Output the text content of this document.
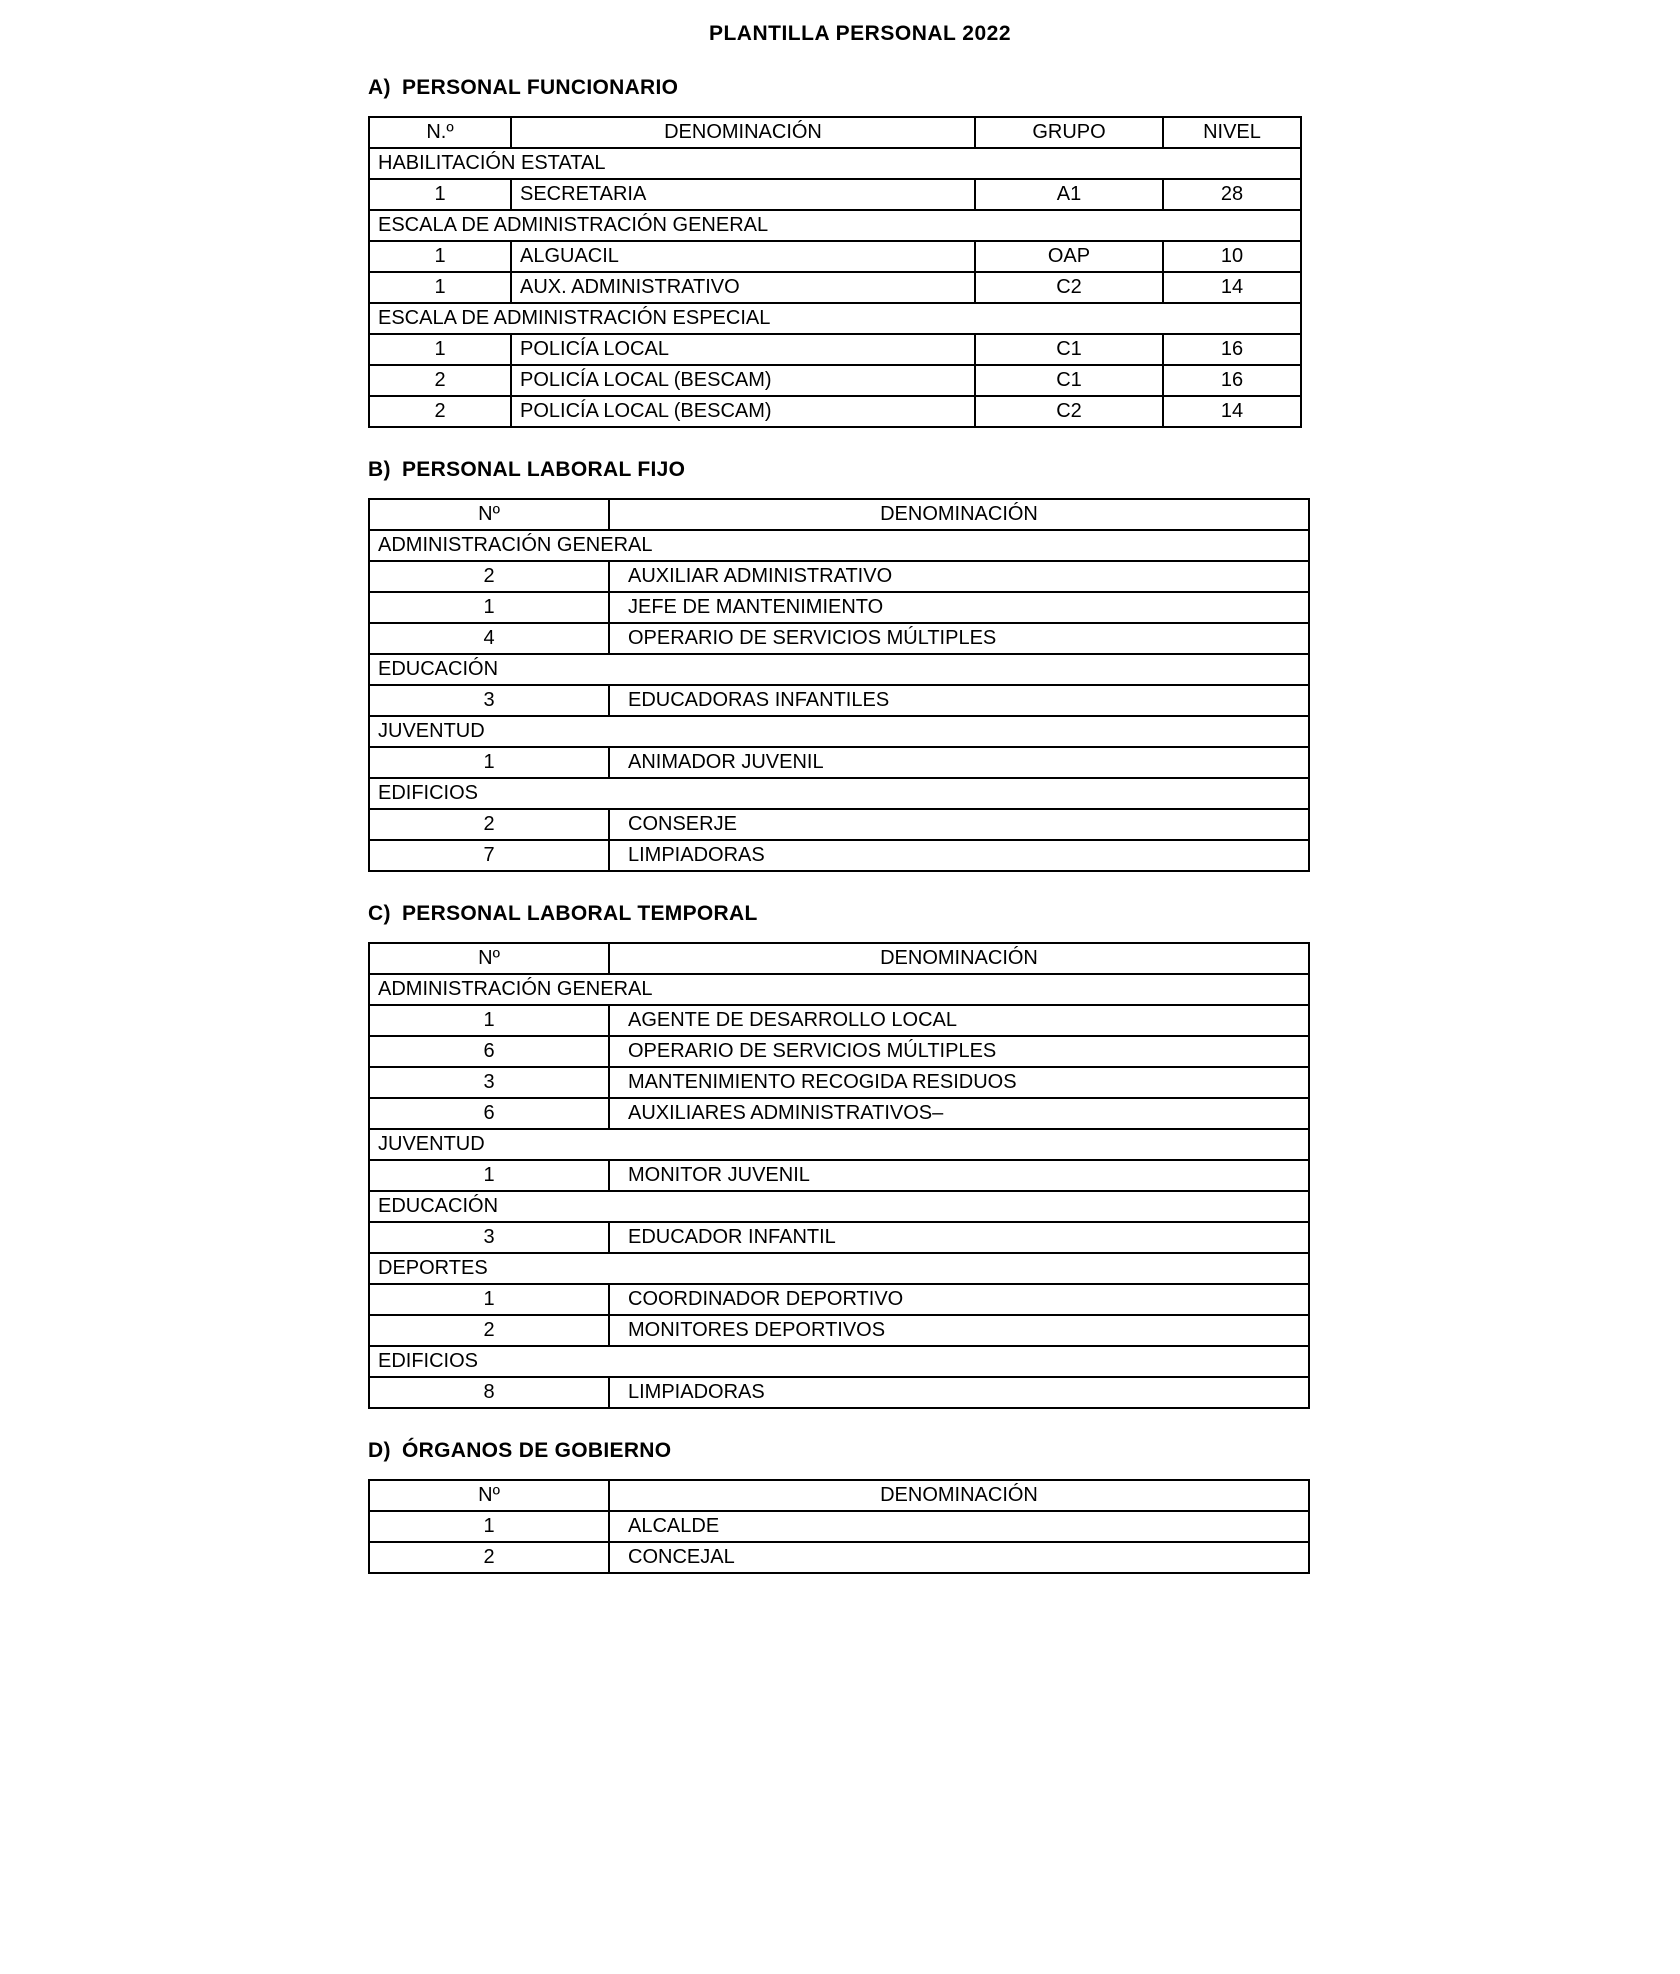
PLANTILLA PERSONAL 2022
A) PERSONAL FUNCIONARIO
N.º	DENOMINACIÓN	GRUPO	NIVEL
HABILITACIÓN ESTATAL			
1	SECRETARIA	A1	28
ESCALA DE ADMINISTRACIÓN GENERAL			
1	ALGUACIL	OAP	10
1	AUX. ADMINISTRATIVO	C2	14
ESCALA DE ADMINISTRACIÓN ESPECIAL			
1	POLICÍA LOCAL	C1	16
2	POLICÍA LOCAL (BESCAM)	C1	16
2	POLICÍA LOCAL (BESCAM)	C2	14
B) PERSONAL LABORAL FIJO
Nº	DENOMINACIÓN
ADMINISTRACIÓN GENERAL	
2	AUXILIAR ADMINISTRATIVO
1	JEFE DE MANTENIMIENTO
4	OPERARIO DE SERVICIOS MÚLTIPLES
EDUCACIÓN	
3	EDUCADORAS INFANTILES
JUVENTUD	
1	ANIMADOR JUVENIL
EDIFICIOS	
2	CONSERJE
7	LIMPIADORAS
C) PERSONAL LABORAL TEMPORAL
Nº	DENOMINACIÓN
ADMINISTRACIÓN GENERAL	
1	AGENTE DE DESARROLLO LOCAL
6	OPERARIO DE SERVICIOS MÚLTIPLES
3	MANTENIMIENTO RECOGIDA RESIDUOS
6	AUXILIARES ADMINISTRATIVOS–
JUVENTUD	
1	MONITOR JUVENIL
EDUCACIÓN	
3	EDUCADOR INFANTIL
DEPORTES	
1	COORDINADOR DEPORTIVO
2	MONITORES DEPORTIVOS
EDIFICIOS	
8	LIMPIADORAS
D) ÓRGANOS DE GOBIERNO
Nº	DENOMINACIÓN
1	ALCALDE
2	CONCEJAL
